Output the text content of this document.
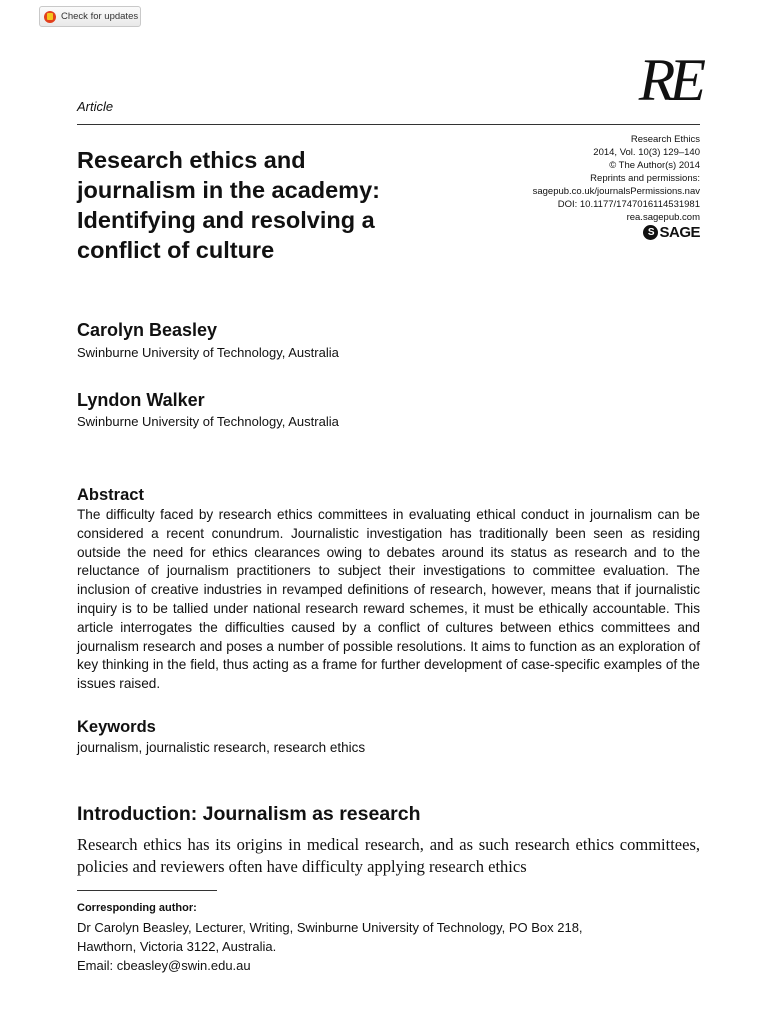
Check for updates
RE
Article
Research ethics and
journalism in the academy:
Identifying and resolving a
conflict of culture
Research Ethics
2014, Vol. 10(3) 129–140
© The Author(s) 2014
Reprints and permissions:
sagepub.co.uk/journalsPermissions.nav
DOI: 10.1177/1747016114531981
rea.sagepub.com
S SAGE
Carolyn Beasley
Swinburne University of Technology, Australia
Lyndon Walker
Swinburne University of Technology, Australia
Abstract
The difficulty faced by research ethics committees in evaluating ethical conduct in journalism can be considered a recent conundrum. Journalistic investigation has traditionally been seen as residing outside the need for ethics clearances owing to debates around its status as research and to the reluctance of journalism practitioners to subject their investigations to committee evaluation. The inclusion of creative industries in revamped definitions of research, however, means that if journalistic inquiry is to be tallied under national research reward schemes, it must be ethically accountable. This article interrogates the difficulties caused by a conflict of cultures between ethics committees and journalism research and poses a number of possible resolutions. It aims to function as an exploration of key thinking in the field, thus acting as a frame for further development of case-specific examples of the issues raised.
Keywords
journalism, journalistic research, research ethics
Introduction: Journalism as research
Research ethics has its origins in medical research, and as such research ethics committees, policies and reviewers often have difficulty applying research ethics
Corresponding author:
Dr Carolyn Beasley, Lecturer, Writing, Swinburne University of Technology, PO Box 218,
Hawthorn, Victoria 3122, Australia.
Email: cbeasley@swin.edu.au
